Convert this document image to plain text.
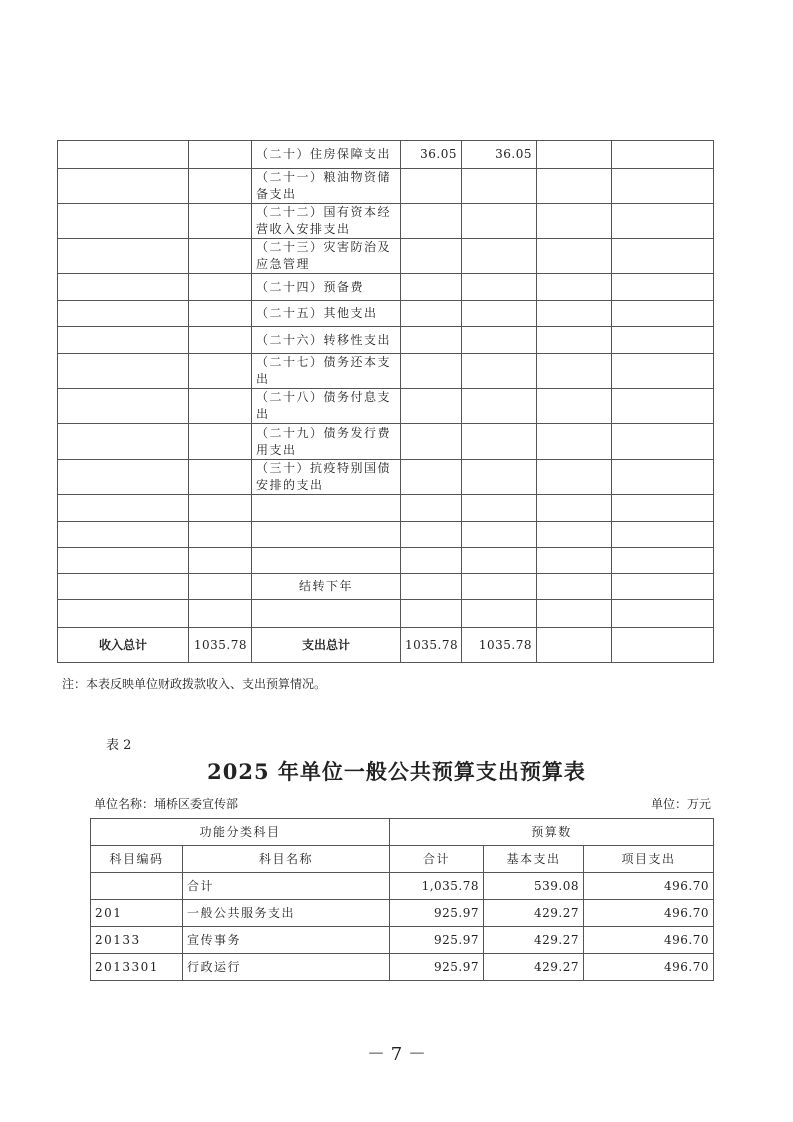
		（二十）住房保障支出	36.05	36.05		
		（二十一）粮油物资储备支出				
		（二十二）国有资本经营收入安排支出				
		（二十三）灾害防治及应急管理				
		（二十四）预备费				
		（二十五）其他支出				
		（二十六）转移性支出				
		（二十七）债务还本支出				
		（二十八）债务付息支出				
		（二十九）债务发行费用支出				
		（三十）抗疫特别国债安排的支出				

		结转下年				

收入总计	1035.78	支出总计	1035.78	1035.78		
注：本表反映单位财政拨款收入、支出预算情况。
表 2
2025 年单位一般公共预算支出预算表
单位名称：埇桥区委宣传部	单位：万元
功能分类科目		预算数		
科目编码	科目名称	合计	基本支出	项目支出
	合计	1,035.78	539.08	496.70
201	一般公共服务支出	925.97	429.27	496.70
20133	宣传事务	925.97	429.27	496.70
2013301	行政运行	925.97	429.27	496.70
－ 7 －
